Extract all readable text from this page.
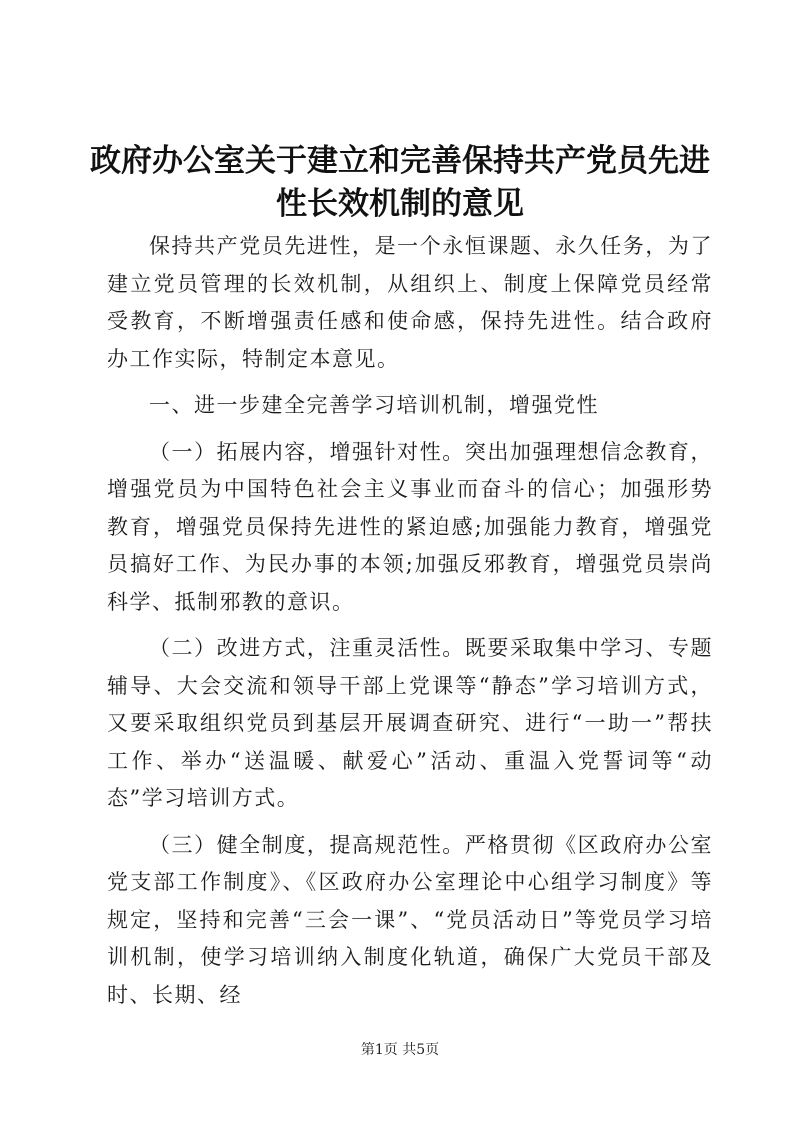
政府办公室关于建立和完善保持共产党员先进
性长效机制的意见

保持共产党员先进性，是一个永恒课题、永久任务，为了建立党员管理的长效机制，从组织上、制度上保障党员经常受教育，不断增强责任感和使命感，保持先进性。结合政府办工作实际，特制定本意见。

一、进一步建全完善学习培训机制，增强党性

（一）拓展内容，增强针对性。突出加强理想信念教育，增强党员为中国特色社会主义事业而奋斗的信心；加强形势教育，增强党员保持先进性的紧迫感;加强能力教育，增强党员搞好工作、为民办事的本领;加强反邪教育，增强党员崇尚科学、抵制邪教的意识。

（二）改进方式，注重灵活性。既要采取集中学习、专题辅导、大会交流和领导干部上党课等“静态”学习培训方式，又要采取组织党员到基层开展调查研究、进行“一助一”帮扶工作、举办“送温暖、献爱心”活动、重温入党誓词等“动态”学习培训方式。

（三）健全制度，提高规范性。严格贯彻《区政府办公室党支部工作制度》、《区政府办公室理论中心组学习制度》等规定，坚持和完善“三会一课”、“党员活动日”等党员学习培训机制，使学习培训纳入制度化轨道，确保广大党员干部及时、长期、经

第1页 共5页
